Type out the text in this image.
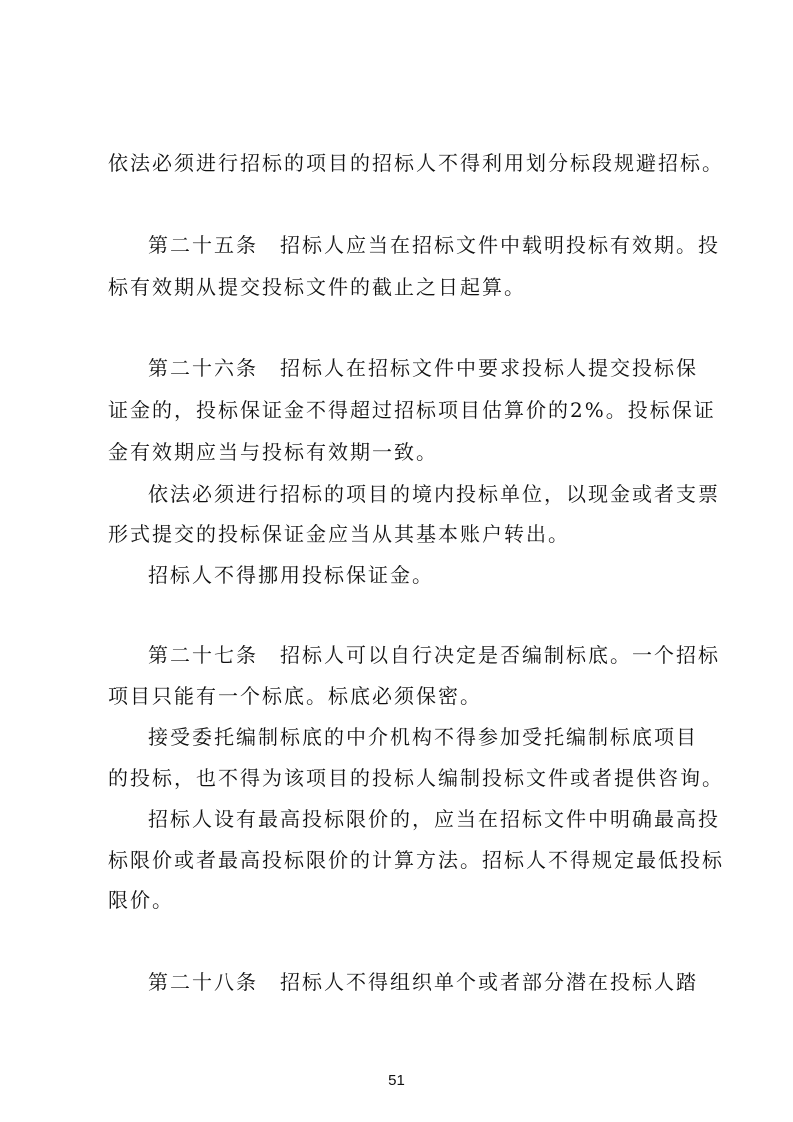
依法必须进行招标的项目的招标人不得利用划分标段规避招标。
第二十五条　招标人应当在招标文件中载明投标有效期。投
标有效期从提交投标文件的截止之日起算。
第二十六条　招标人在招标文件中要求投标人提交投标保
证金的，投标保证金不得超过招标项目估算价的2%。投标保证
金有效期应当与投标有效期一致。
依法必须进行招标的项目的境内投标单位，以现金或者支票
形式提交的投标保证金应当从其基本账户转出。
招标人不得挪用投标保证金。
第二十七条　招标人可以自行决定是否编制标底。一个招标
项目只能有一个标底。标底必须保密。
接受委托编制标底的中介机构不得参加受托编制标底项目
的投标，也不得为该项目的投标人编制投标文件或者提供咨询。
招标人设有最高投标限价的，应当在招标文件中明确最高投
标限价或者最高投标限价的计算方法。招标人不得规定最低投标
限价。
第二十八条　招标人不得组织单个或者部分潜在投标人踏
51
